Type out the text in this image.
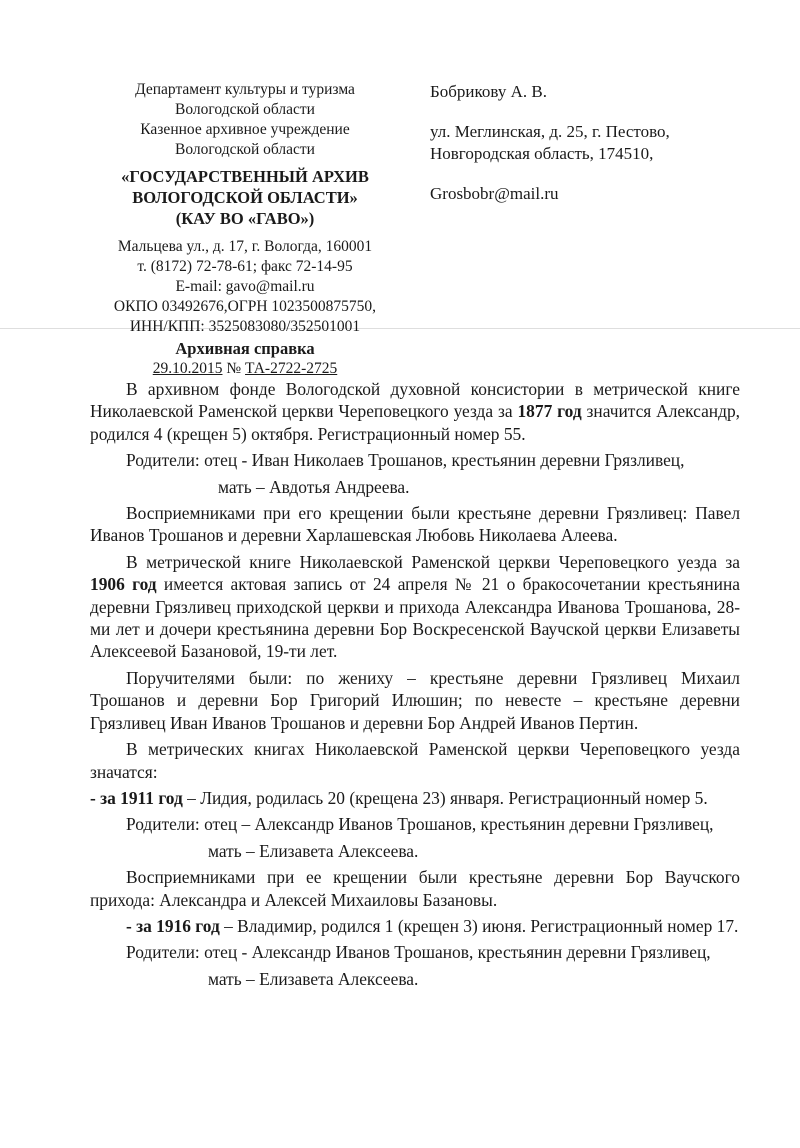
Департамент культуры и туризма
Вологодской области
Казенное архивное учреждение
Вологодской области
«ГОСУДАРСТВЕННЫЙ АРХИВ
ВОЛОГОДСКОЙ ОБЛАСТИ»
(КАУ ВО «ГАВО»)
Мальцева ул., д. 17, г. Вологда, 160001
т. (8172) 72-78-61; факс 72-14-95
E-mail: gavo@mail.ru
ОКПО 03492676,ОГРН 1023500875750,
ИНН/КПП: 3525083080/352501001
Архивная справка
29.10.2015 № ТА-2722-2725
Бобрикову А. В.
ул. Меглинская, д. 25, г. Пестово,
Новгородская область, 174510,
Grosbobr@mail.ru

В архивном фонде Вологодской духовной консистории в метрической книге Николаевской Раменской церкви Череповецкого уезда за 1877 год значится Александр, родился 4 (крещен 5) октября. Регистрационный номер 55.

Родители: отец - Иван Николаев Трошанов, крестьянин деревни Грязливец,

мать – Авдотья Андреева.

Восприемниками при его крещении были крестьяне деревни Грязливец: Павел Иванов Трошанов и деревни Харлашевская Любовь Николаева Алеева.

В метрической книге Николаевской Раменской церкви Череповецкого уезда за 1906 год имеется актовая запись от 24 апреля № 21 о бракосочетании крестьянина деревни Грязливец приходской церкви и прихода Александра Иванова Трошанова, 28-ми лет и дочери крестьянина деревни Бор Воскресенской Ваучской церкви Елизаветы Алексеевой Базановой, 19-ти лет.

Поручителями были: по жениху – крестьяне деревни Грязливец Михаил Трошанов и деревни Бор Григорий Илюшин; по невесте – крестьяне деревни Грязливец Иван Иванов Трошанов и деревни Бор Андрей Иванов Пертин.

В метрических книгах Николаевской Раменской церкви Череповецкого уезда значатся:

- за 1911 год – Лидия, родилась 20 (крещена 23) января. Регистрационный номер 5.

Родители: отец – Александр Иванов Трошанов, крестьянин деревни Грязливец,

мать – Елизавета Алексеева.

Восприемниками при ее крещении были крестьяне деревни Бор Ваучского прихода: Александра и Алексей Михаиловы Базановы.

- за 1916 год – Владимир, родился 1 (крещен 3) июня. Регистрационный номер 17.

Родители: отец - Александр Иванов Трошанов, крестьянин деревни Грязливец,

мать – Елизавета Алексеева.
